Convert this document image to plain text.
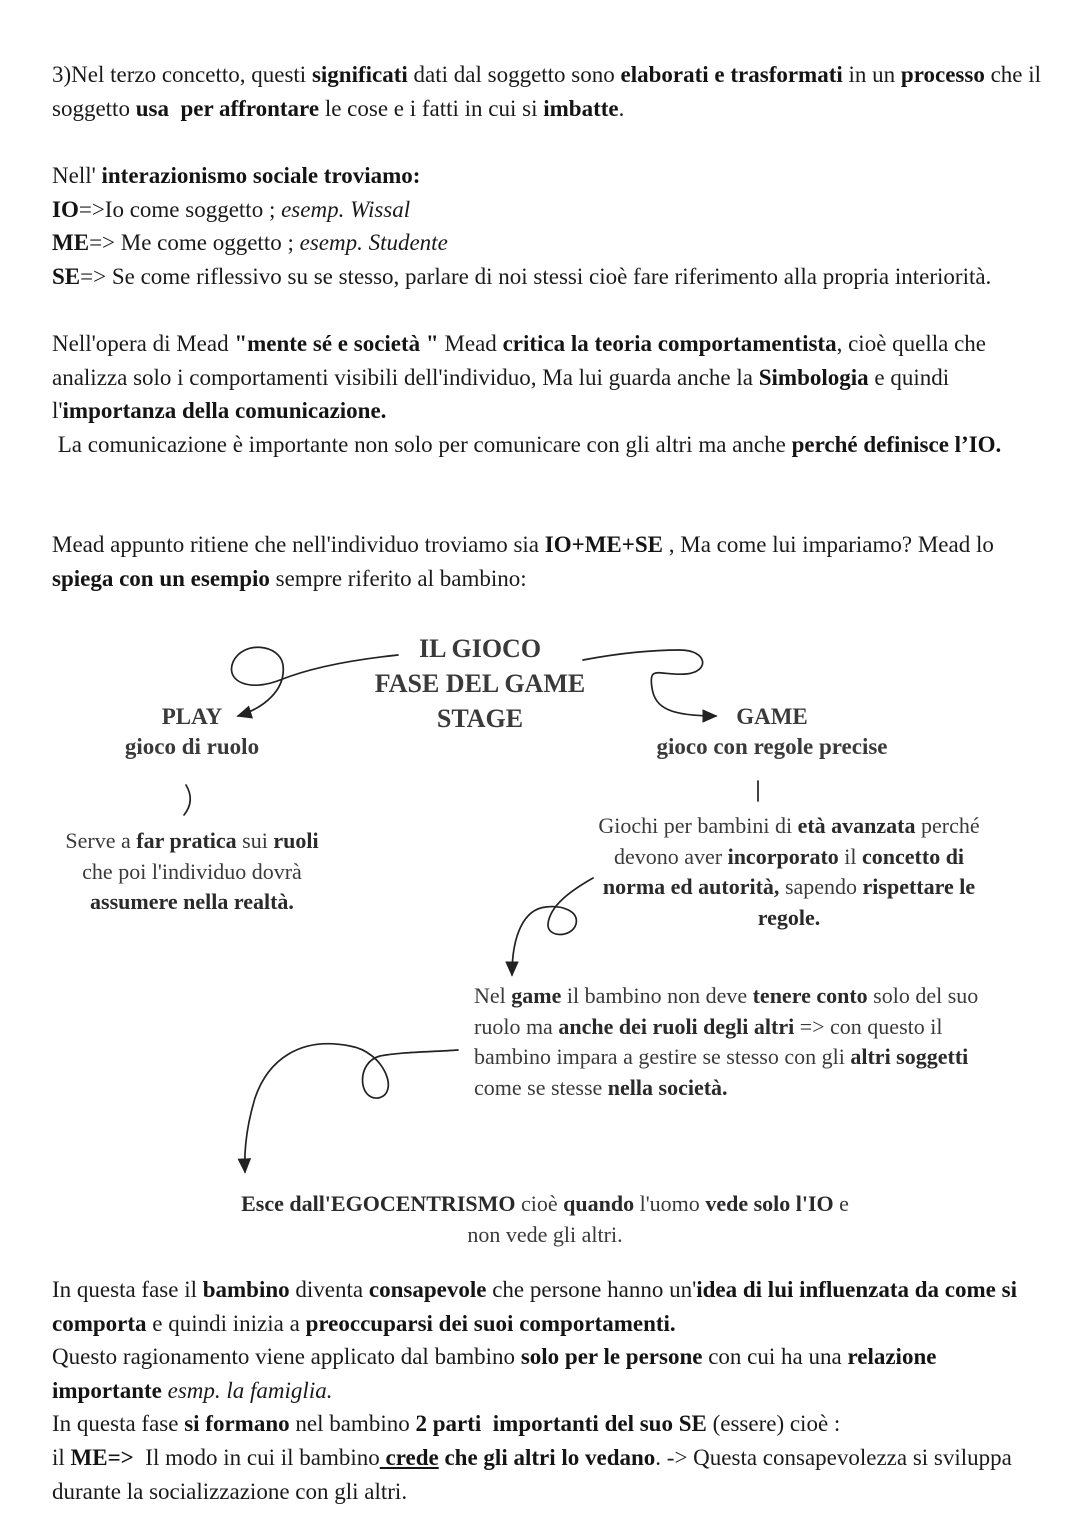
3)Nel terzo concetto, questi significati dati dal soggetto sono elaborati e trasformati in un processo che il soggetto usa per affrontare le cose e i fatti in cui si imbatte.

Nell' interazionismo sociale troviamo:

IO=>Io come soggetto ; esemp. Wissal

ME=> Me come oggetto ; esemp. Studente

SE=> Se come riflessivo su se stesso, parlare di noi stessi cioè fare riferimento alla propria interiorità.

Nell'opera di Mead "mente sé e società " Mead critica la teoria comportamentista, cioè quella che analizza solo i comportamenti visibili dell'individuo, Ma lui guarda anche la Simbologia e quindi l'importanza della comunicazione.

La comunicazione è importante non solo per comunicare con gli altri ma anche perché definisce l’IO.

Mead appunto ritiene che nell'individuo troviamo sia IO+ME+SE , Ma come lui impariamo? Mead lo spiega con un esempio sempre riferito al bambino:

IL GIOCO
FASE DEL GAME
STAGE
PLAY
gioco di ruolo
GAME
gioco con regole precise

Serve a far pratica sui ruoli che poi l'individuo dovrà assumere nella realtà.

Giochi per bambini di età avanzata perché devono aver incorporato il concetto di norma ed autorità, sapendo rispettare le regole.

Nel game il bambino non deve tenere conto solo del suo ruolo ma anche dei ruoli degli altri => con questo il bambino impara a gestire se stesso con gli altri soggetti come se stesse nella società.

Esce dall'EGOCENTRISMO cioè quando l'uomo vede solo l'IO e
non vede gli altri.

In questa fase il bambino diventa consapevole che persone hanno un'idea di lui influenzata da come si comporta e quindi inizia a preoccuparsi dei suoi comportamenti.

Questo ragionamento viene applicato dal bambino solo per le persone con cui ha una relazione importante esmp. la famiglia.

In questa fase si formano nel bambino 2 parti  importanti del suo SE (essere) cioè :

il ME=>  Il modo in cui il bambino crede che gli altri lo vedano. -> Questa consapevolezza si sviluppa durante la socializzazione con gli altri.
